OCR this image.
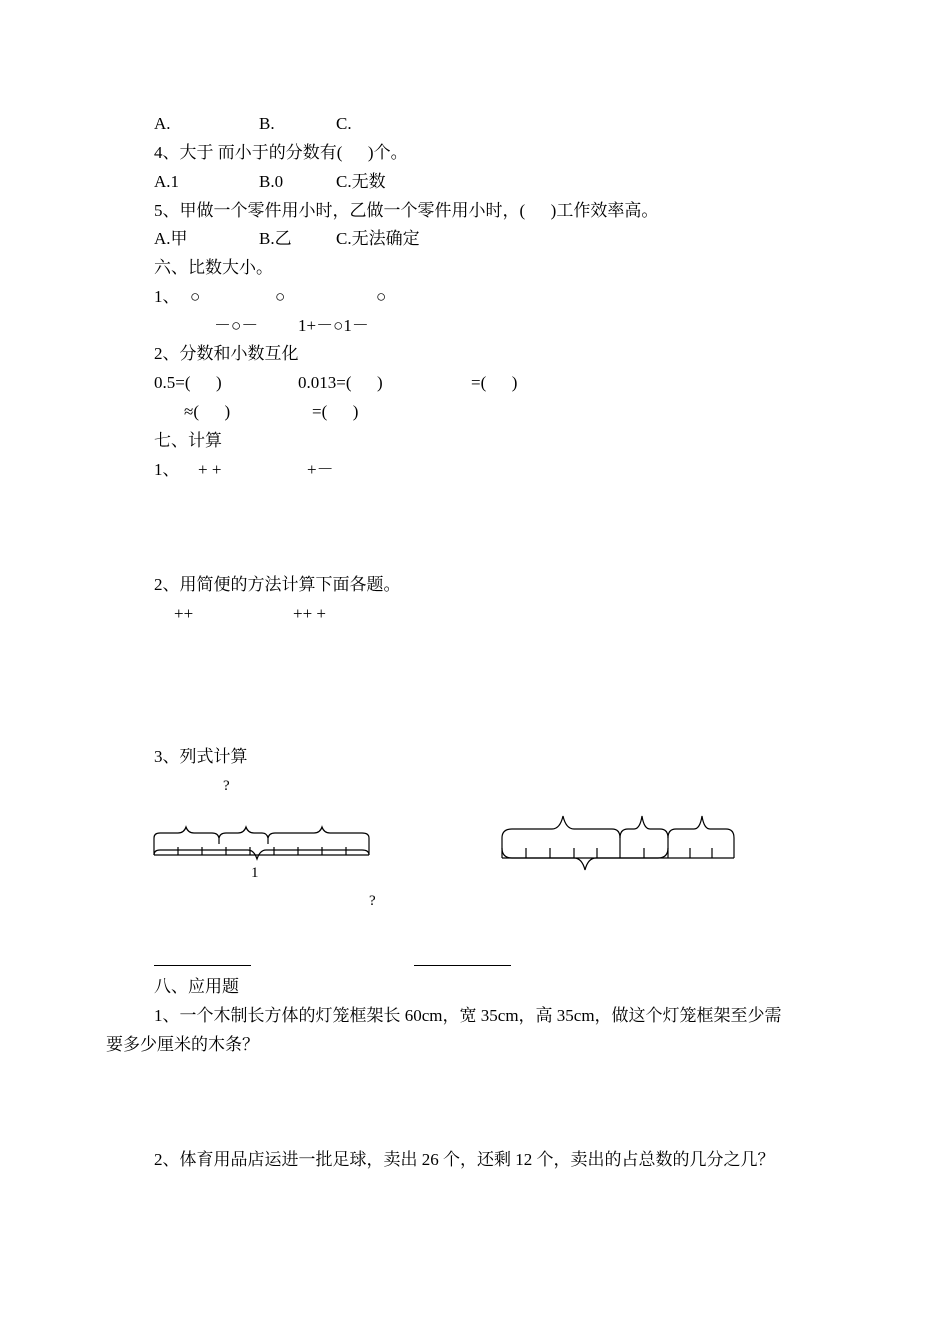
A.	B.	C.
4、大于 而小于的分数有(　  )个。
A.1	B.0	C.无数
5、甲做一个零件用小时，乙做一个零件用小时，(　  )工作效率高。
A.甲	B.乙	C.无法确定
六、比数大小。
1、 ○	○	○
－○－ 1+－○1－
2、分数和小数互化
0.5=(　  )	0.013=(　  )	=(　  )
≈(　  )	=(　  )
七、计算
1、 + +	+－
2、用简便的方法计算下面各题。
++	++ +
3、列式计算
?
1
?
八、应用题
1、一个木制长方体的灯笼框架长 60cm，宽 35cm，高 35cm，做这个灯笼框架至少需
要多少厘米的木条？
2、体育用品店运进一批足球，卖出 26 个，还剩 12 个，卖出的占总数的几分之几？
